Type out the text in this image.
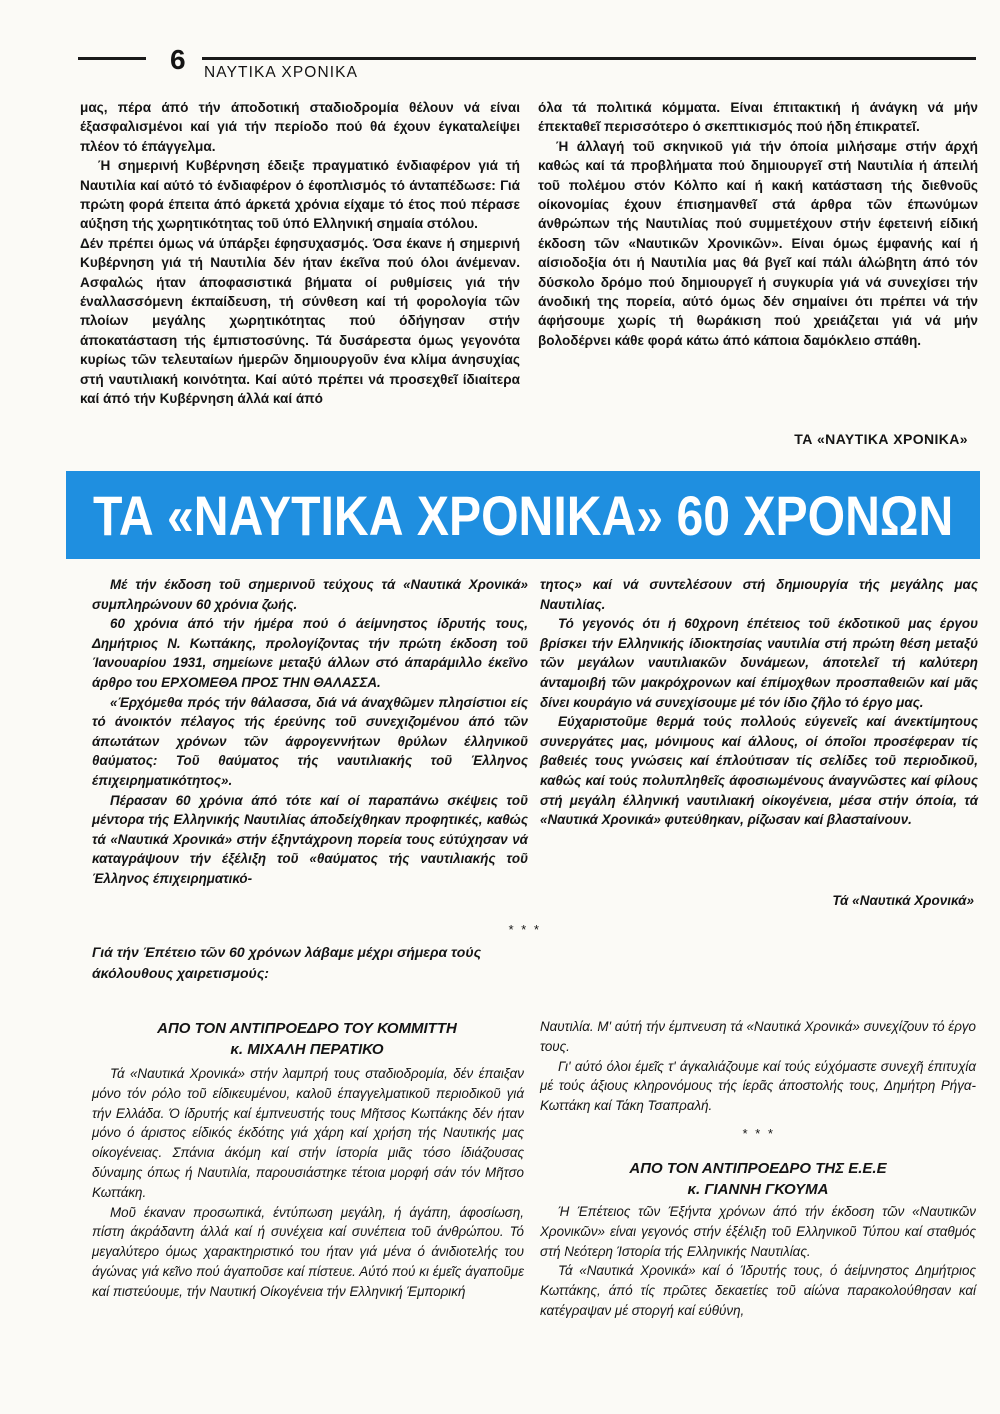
6 ΝΑΥΤΙΚΑ ΧΡΟΝΙΚΑ

μας, πέρα άπό τήν άποδοτική σταδιοδρομία θέλουν νά είναι έξασφαλισμένοι καί γιά τήν περίοδο πού θά έχουν έγκαταλείψει πλέον τό έπάγγελμα.

Ή σημερινή Κυβέρνηση έδειξε πραγματικό ένδιαφέρον γιά τή Ναυτιλία καί αύτό τό ένδιαφέρον ό έφοπλισμός τό άνταπέδωσε: Γιά πρώτη φορά έπειτα άπό άρκετά χρόνια είχαμε τό έτος πού πέρασε αύξηση τής χωρητικότητας τοῦ ύπό Ελληνική σημαία στόλου.

Δέν πρέπει όμως νά ύπάρξει έφησυχασμός. Όσα έκανε ή σημερινή Κυβέρνηση γιά τή Ναυτιλία δέν ήταν έκεῖνα πού όλοι άνέμεναν. Ασφαλώς ήταν άποφασιστικά βήματα οί ρυθμίσεις γιά τήν έναλλασσόμενη έκπαίδευση, τή σύνθεση καί τή φορολογία τῶν πλοίων μεγάλης χωρητικότητας πού όδήγησαν στήν άποκατάσταση τής έμπιστοσύνης. Τά δυσάρεστα όμως γεγονότα κυρίως τῶν τελευταίων ήμερῶν δημιουργοῦν ένα κλίμα άνησυχίας στή ναυτιλιακή κοινότητα. Καί αύτό πρέπει νά προσεχθεῖ ίδιαίτερα καί άπό τήν Κυβέρνηση άλλά καί άπό

όλα τά πολιτικά κόμματα. Είναι έπιτακτική ή άνάγκη νά μήν έπεκταθεῖ περισσότερο ό σκεπτικισμός πού ήδη έπικρατεῖ.

Ή άλλαγή τοῦ σκηνικοῦ γιά τήν όποία μιλήσαμε στήν άρχή καθώς καί τά προβλήματα πού δημιουργεῖ στή Ναυτιλία ή άπειλή τοῦ πολέμου στόν Κόλπο καί ή κακή κατάσταση τής διεθνοῦς οίκονομίας έχουν έπισημανθεῖ στά άρθρα τῶν έπωνύμων άνθρώπων τής Ναυτιλίας πού συμμετέχουν στήν έφετεινή είδική έκδοση τῶν «Ναυτικῶν Χρονικῶν». Είναι όμως έμφανής καί ή αίσιοδοξία ότι ή Ναυτιλία μας θά βγεῖ καί πάλι άλώβητη άπό τόν δύσκολο δρόμο πού δημιουργεῖ ή συγκυρία γιά νά συνεχίσει τήν άνοδική της πορεία, αύτό όμως δέν σημαίνει ότι πρέπει νά τήν άφήσουμε χωρίς τή θωράκιση πού χρειάζεται γιά νά μήν βολοδέρνει κάθε φορά κάτω άπό κάποια δαμόκλειο σπάθη.

ΤΑ «ΝΑΥΤΙΚΑ ΧΡΟΝΙΚΑ»
ΤΑ «ΝΑΥΤΙΚΑ ΧΡΟΝΙΚΑ» 60 ΧΡΟΝΩΝ

Μέ τήν έκδοση τοῦ σημερινοῦ τεύχους τά «Ναυτικά Χρονικά» συμπληρώνουν 60 χρόνια ζωής.

60 χρόνια άπό τήν ήμέρα πού ό άείμνηστος ίδρυτής τους, Δημήτριος Ν. Κωττάκης, προλογίζοντας τήν πρώτη έκδοση τοῦ Ίανουαρίου 1931, σημείωνε μεταξύ άλλων στό άπαράμιλλο έκεῖνο άρθρο του ΕΡΧΟΜΕΘΑ ΠΡΟΣ ΤΗΝ ΘΑΛΑΣΣΑ.

«Έρχόμεθα πρός τήν θάλασσα, διά νά άναχθῶμεν πλησίστιοι είς τό άνοικτόν πέλαγος τής έρεύνης τοῦ συνεχιζομένου άπό τῶν άπωτάτων χρόνων τῶν άφρογεννήτων θρύλων έλληνικοῦ θαύματος: Τοῦ θαύματος τής ναυτιλιακής τοῦ Έλληνος έπιχειρηματικότητος».

Πέρασαν 60 χρόνια άπό τότε καί οί παραπάνω σκέψεις τοῦ μέντορα τής Ελληνικής Ναυτιλίας άποδείχθηκαν προφητικές, καθώς τά «Ναυτικά Χρονικά» στήν έξηντάχρονη πορεία τους εύτύχησαν νά καταγράψουν τήν έξέλιξη τοῦ «θαύματος τής ναυτιλιακής τοῦ Έλληνος έπιχειρηματικό-

τητος» καί νά συντελέσουν στή δημιουργία τής μεγάλης μας Ναυτιλίας.

Τό γεγονός ότι ή 60χρονη έπέτειος τοῦ έκδοτικοῦ μας έργου βρίσκει τήν Ελληνικής ίδιοκτησίας ναυτιλία στή πρώτη θέση μεταξύ τῶν μεγάλων ναυτιλιακῶν δυνάμεων, άποτελεῖ τή καλύτερη άνταμοιβή τῶν μακρόχρονων καί έπίμοχθων προσπαθειῶν καί μᾶς δίνει κουράγιο νά συνεχίσουμε μέ τόν ίδιο ζῆλο τό έργο μας.

Εύχαριστοῦμε θερμά τούς πολλούς εύγενεῖς καί άνεκτίμητους συνεργάτες μας, μόνιμους καί άλλους, οί όποῖοι προσέφεραν τίς βαθειές τους γνώσεις καί έπλούτισαν τίς σελίδες τοῦ περιοδικοῦ, καθώς καί τούς πολυπληθεῖς άφοσιωμένους άναγνῶστες καί φίλους στή μεγάλη έλληνική ναυτιλιακή οίκογένεια, μέσα στήν όποία, τά «Ναυτικά Χρονικά» φυτεύθηκαν, ρίζωσαν καί βλασταίνουν.

Τά «Ναυτικά Χρονικά»
* * *
Γιά τήν Έπέτειο τῶν 60 χρόνων λάβαμε μέχρι σήμερα τούς άκόλουθους χαιρετισμούς:
ΑΠΟ ΤΟΝ ΑΝΤΙΠΡΟΕΔΡΟ ΤΟΥ ΚΟΜΜΙΤΤΗ
κ. ΜΙΧΑΛΗ ΠΕΡΑΤΙΚΟ

Τά «Ναυτικά Χρονικά» στήν λαμπρή τους σταδιοδρομία, δέν έπαιξαν μόνο τόν ρόλο τοῦ είδικευμένου, καλοῦ έπαγγελματικοῦ περιοδικοῦ γιά τήν Ελλάδα. Ό ίδρυτής καί έμπνευστής τους Μῆτσος Κωττάκης δέν ήταν μόνο ό άριστος είδικός έκδότης γιά χάρη καί χρήση τής Ναυτικής μας οίκογένειας. Σπάνια άκόμη καί στήν ίστορία μιᾶς τόσο ίδιάζουσας δύναμης όπως ή Ναυτιλία, παρουσιάστηκε τέτοια μορφή σάν τόν Μῆτσο Κωττάκη.

Μοῦ έκαναν προσωπικά, έντύπωση μεγάλη, ή άγάπη, άφοσίωση, πίστη άκράδαντη άλλά καί ή συνέχεια καί συνέπεια τοῦ άνθρώπου. Τό μεγαλύτερο όμως χαρακτηριστικό του ήταν γιά μένα ό άνιδιοτελής του άγώνας γιά κεῖνο πού άγαποῦσε καί πίστευε. Αύτό πού κι έμεῖς άγαποῦμε καί πιστεύουμε, τήν Ναυτική Οίκογένεια τήν Ελληνική Έμπορική

Ναυτιλία. Μ' αύτή τήν έμπνευση τά «Ναυτικά Χρονικά» συνεχίζουν τό έργο τους.

Γι' αύτό όλοι έμεῖς τ' άγκαλιάζουμε καί τούς εύχόμαστε συνεχῆ έπιτυχία μέ τούς άξιους κληρονόμους τής ίερᾶς άποστολής τους, Δημήτρη Ρήγα-Κωττάκη καί Τάκη Τσαπραλή.

* * *
ΑΠΟ ΤΟΝ ΑΝΤΙΠΡΟΕΔΡΟ ΤΗΣ Ε.Ε.Ε
κ. ΓΙΑΝΝΗ ΓΚΟΥΜΑ

Ή Έπέτειος τῶν Έξήντα χρόνων άπό τήν έκδοση τῶν «Ναυτικῶν Χρονικῶν» είναι γεγονός στήν έξέλιξη τοῦ Ελληνικοῦ Τύπου καί σταθμός στή Νεότερη Ίστορία τής Ελληνικής Ναυτιλίας.

Τά «Ναυτικά Χρονικά» καί ό Ίδρυτής τους, ό άείμνηστος Δημήτριος Κωττάκης, άπό τίς πρῶτες δεκαετίες τοῦ αίώνα παρακολούθησαν καί κατέγραψαν μέ στοργή καί εύθύνη,
